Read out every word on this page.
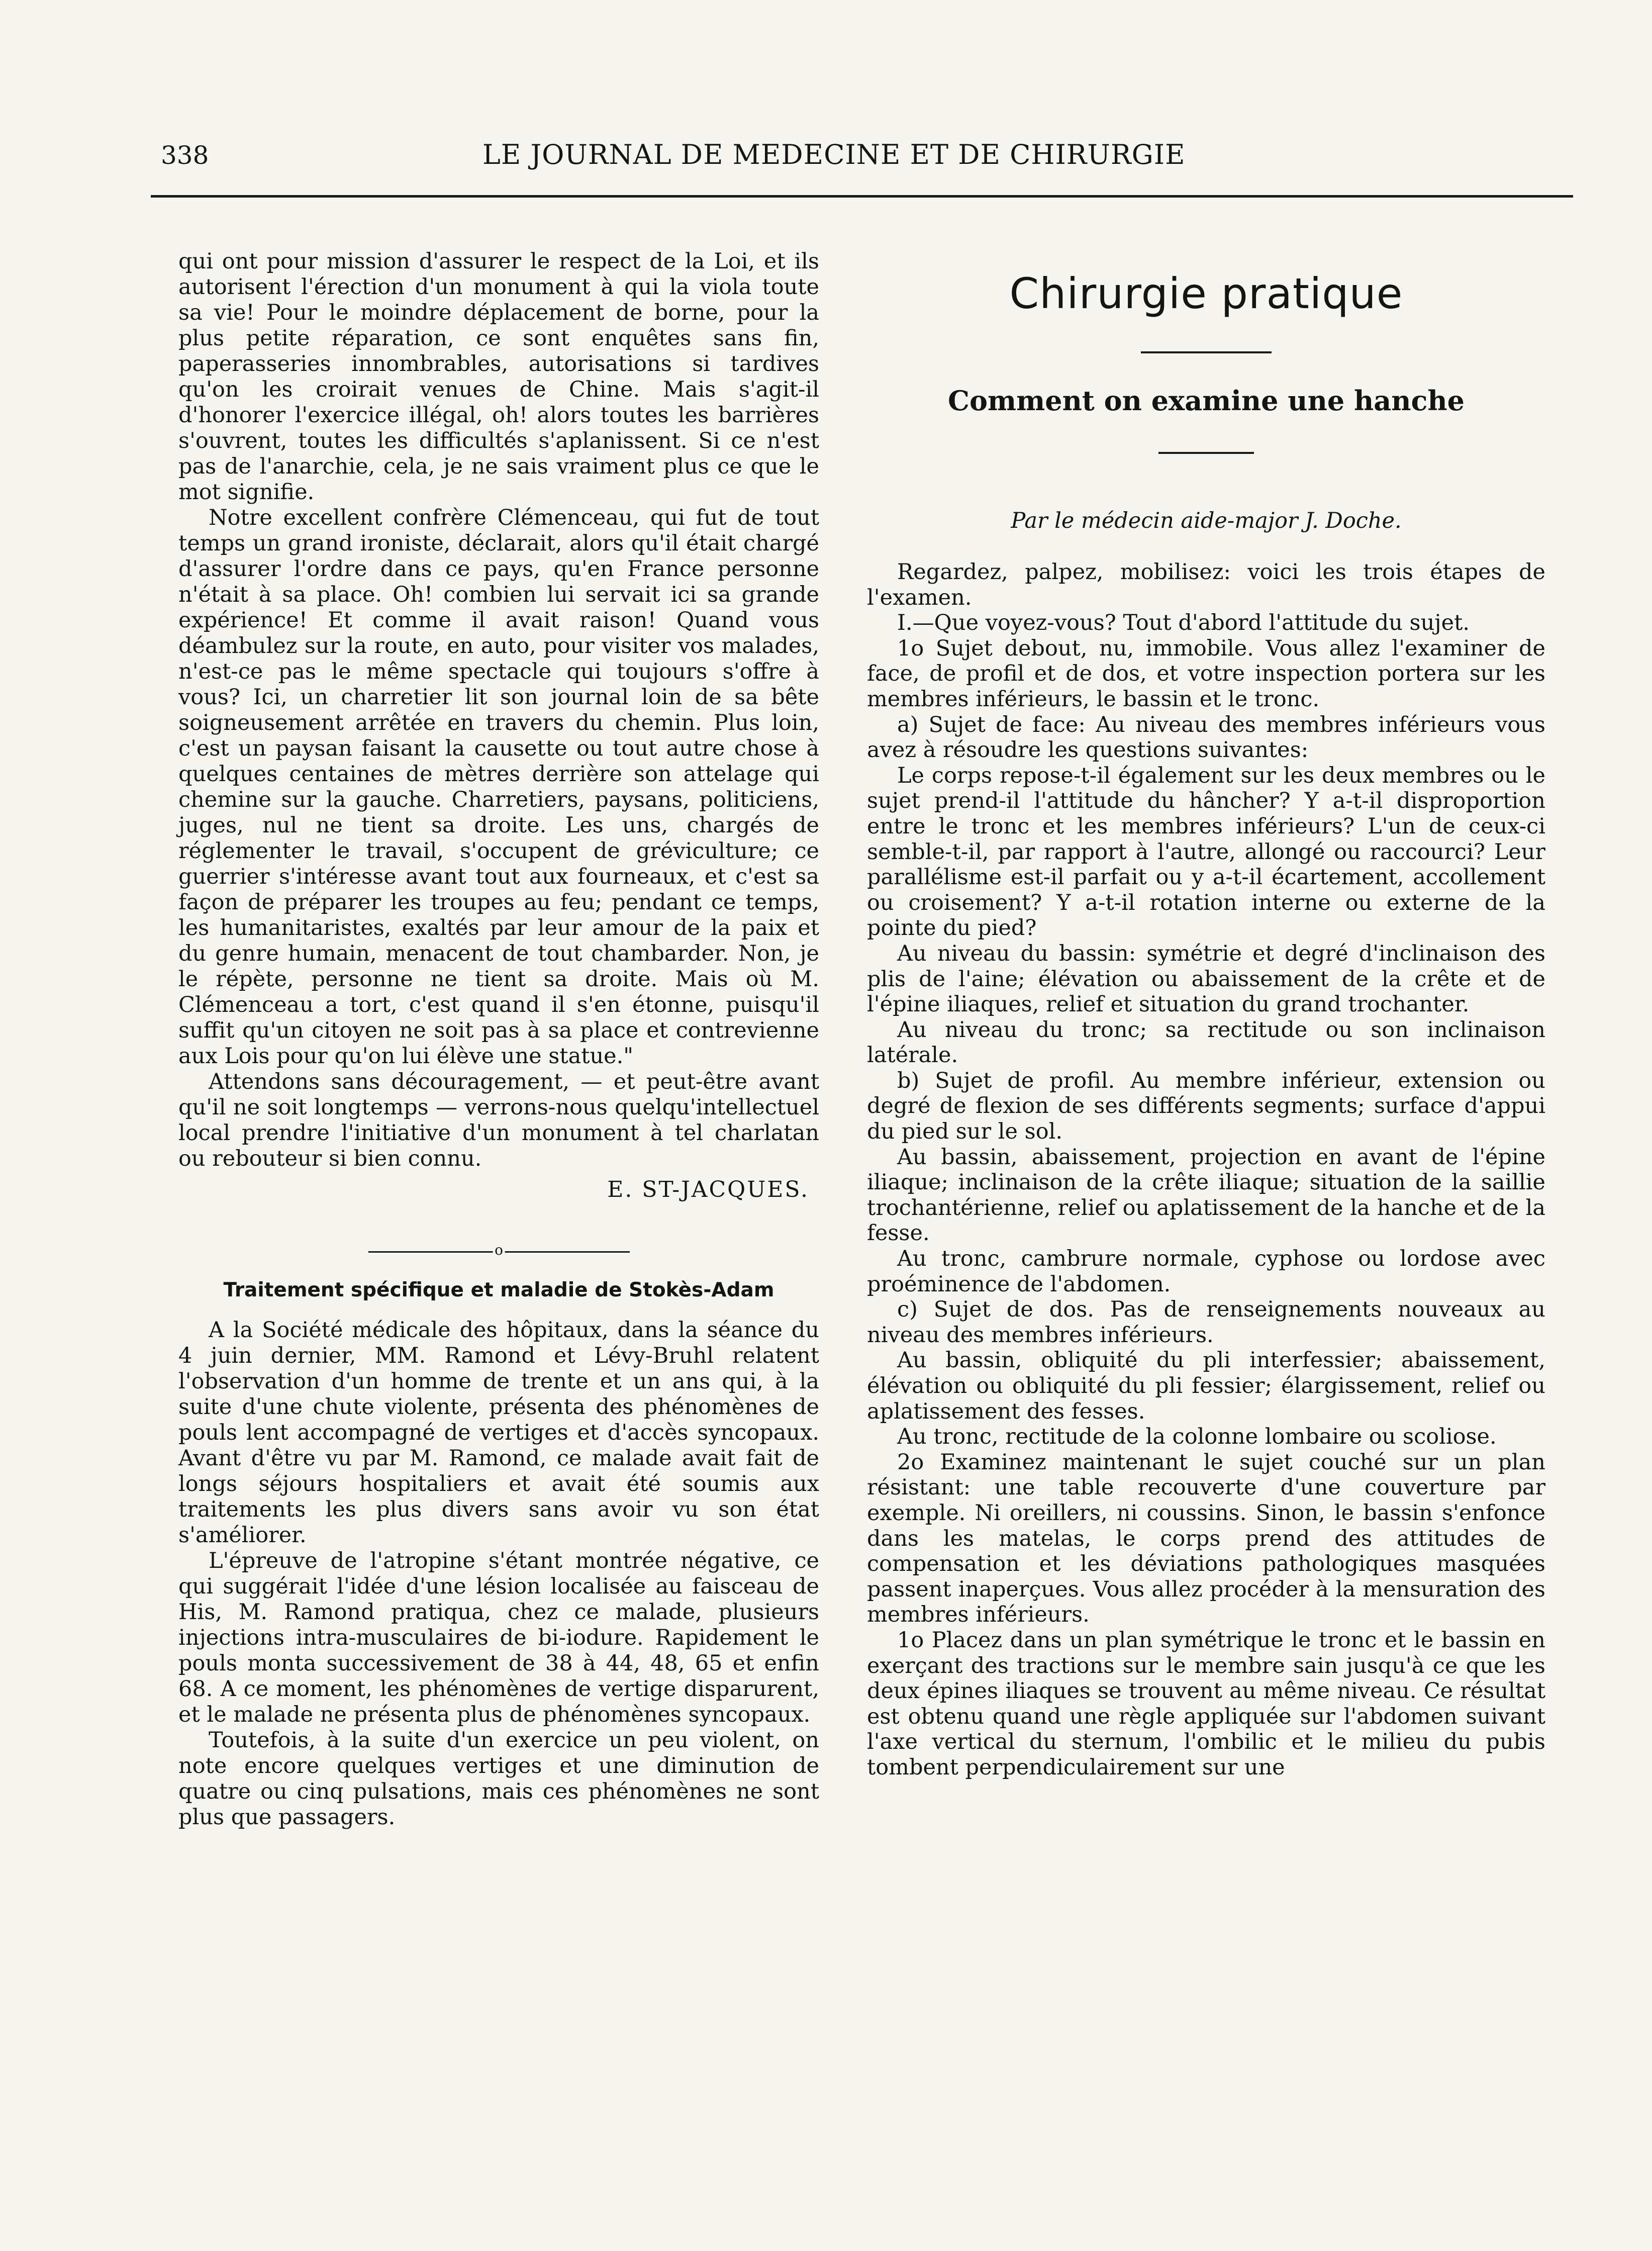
338	LE JOURNAL DE MEDECINE ET DE CHIRURGIE

qui ont pour mission d'assurer le respect de la Loi, et ils autorisent l'érection d'un monument à qui la viola toute sa vie! Pour le moindre déplacement de borne, pour la plus petite réparation, ce sont enquêtes sans fin, paperasseries innombrables, autorisations si tardives qu'on les croirait venues de Chine. Mais s'agit-il d'honorer l'exercice illégal, oh! alors toutes les barrières s'ouvrent, toutes les difficultés s'aplanissent. Si ce n'est pas de l'anarchie, cela, je ne sais vraiment plus ce que le mot signifie.

Notre excellent confrère Clémenceau, qui fut de tout temps un grand ironiste, déclarait, alors qu'il était chargé d'assurer l'ordre dans ce pays, qu'en France personne n'était à sa place. Oh! combien lui servait ici sa grande expérience! Et comme il avait raison! Quand vous déambulez sur la route, en auto, pour visiter vos malades, n'est-ce pas le même spectacle qui toujours s'offre à vous? Ici, un charretier lit son journal loin de sa bête soigneusement arrêtée en travers du chemin. Plus loin, c'est un paysan faisant la causette ou tout autre chose à quelques centaines de mètres derrière son attelage qui chemine sur la gauche. Charretiers, paysans, politiciens, juges, nul ne tient sa droite. Les uns, chargés de réglementer le travail, s'occupent de gréviculture; ce guerrier s'intéresse avant tout aux fourneaux, et c'est sa façon de préparer les troupes au feu; pendant ce temps, les humanitaristes, exaltés par leur amour de la paix et du genre humain, menacent de tout chambarder. Non, je le répète, personne ne tient sa droite. Mais où M. Clémenceau a tort, c'est quand il s'en étonne, puisqu'il suffit qu'un citoyen ne soit pas à sa place et contrevienne aux Lois pour qu'on lui élève une statue."

Attendons sans découragement, — et peut-être avant qu'il ne soit longtemps — verrons-nous quelqu'intellectuel local prendre l'initiative d'un monument à tel charlatan ou rebouteur si bien connu.

E. ST-JACQUES.
o
Traitement spécifique et maladie de Stokès-Adam

A la Société médicale des hôpitaux, dans la séance du 4 juin dernier, MM. Ramond et Lévy-Bruhl relatent l'observation d'un homme de trente et un ans qui, à la suite d'une chute violente, présenta des phénomènes de pouls lent accompagné de vertiges et d'accès syncopaux. Avant d'être vu par M. Ramond, ce malade avait fait de longs séjours hospitaliers et avait été soumis aux traitements les plus divers sans avoir vu son état s'améliorer.

L'épreuve de l'atropine s'étant montrée négative, ce qui suggérait l'idée d'une lésion localisée au faisceau de His, M. Ramond pratiqua, chez ce malade, plusieurs injections intra-musculaires de bi-iodure. Rapidement le pouls monta successivement de 38 à 44, 48, 65 et enfin 68. A ce moment, les phénomènes de vertige disparurent, et le malade ne présenta plus de phénomènes syncopaux.

Toutefois, à la suite d'un exercice un peu violent, on note encore quelques vertiges et une diminution de quatre ou cinq pulsations, mais ces phénomènes ne sont plus que passagers.

Chirurgie pratique
Comment on examine une hanche
Par le médecin aide-major J. Doche.

Regardez, palpez, mobilisez: voici les trois étapes de l'examen.

I.—Que voyez-vous? Tout d'abord l'attitude du sujet.

1o Sujet debout, nu, immobile. Vous allez l'examiner de face, de profil et de dos, et votre inspection portera sur les membres inférieurs, le bassin et le tronc.

a) Sujet de face: Au niveau des membres inférieurs vous avez à résoudre les questions suivantes:

Le corps repose-t-il également sur les deux membres ou le sujet prend-il l'attitude du hâncher? Y a-t-il disproportion entre le tronc et les membres inférieurs? L'un de ceux-ci semble-t-il, par rapport à l'autre, allongé ou raccourci? Leur parallélisme est-il parfait ou y a-t-il écartement, accollement ou croisement? Y a-t-il rotation interne ou externe de la pointe du pied?

Au niveau du bassin: symétrie et degré d'inclinaison des plis de l'aine; élévation ou abaissement de la crête et de l'épine iliaques, relief et situation du grand trochanter.

Au niveau du tronc; sa rectitude ou son inclinaison latérale.

b) Sujet de profil. Au membre inférieur, extension ou degré de flexion de ses différents segments; surface d'appui du pied sur le sol.

Au bassin, abaissement, projection en avant de l'épine iliaque; inclinaison de la crête iliaque; situation de la saillie trochantérienne, relief ou aplatissement de la hanche et de la fesse.

Au tronc, cambrure normale, cyphose ou lordose avec proéminence de l'abdomen.

c) Sujet de dos. Pas de renseignements nouveaux au niveau des membres inférieurs.

Au bassin, obliquité du pli interfessier; abaissement, élévation ou obliquité du pli fessier; élargissement, relief ou aplatissement des fesses.

Au tronc, rectitude de la colonne lombaire ou scoliose.

2o Examinez maintenant le sujet couché sur un plan résistant: une table recouverte d'une couverture par exemple. Ni oreillers, ni coussins. Sinon, le bassin s'enfonce dans les matelas, le corps prend des attitudes de compensation et les déviations pathologiques masquées passent inaperçues. Vous allez procéder à la mensuration des membres inférieurs.

1o Placez dans un plan symétrique le tronc et le bassin en exerçant des tractions sur le membre sain jusqu'à ce que les deux épines iliaques se trouvent au même niveau. Ce résultat est obtenu quand une règle appliquée sur l'abdomen suivant l'axe vertical du sternum, l'ombilic et le milieu du pubis tombent perpendiculairement sur une
